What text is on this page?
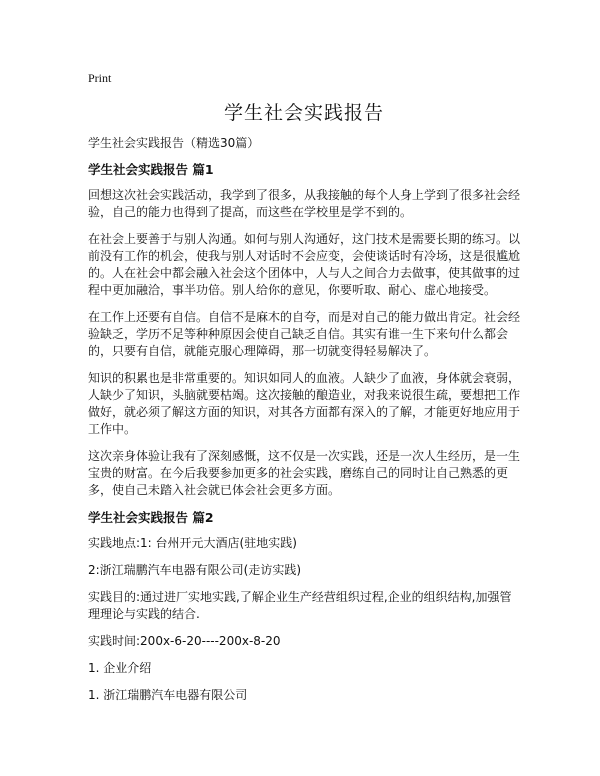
Print
学生社会实践报告
学生社会实践报告（精选30篇）
学生社会实践报告 篇1

回想这次社会实践活动，我学到了很多，从我接触的每个人身上学到了很多社会经验，自己的能力也得到了提高，而这些在学校里是学不到的。

在社会上要善于与别人沟通。如何与别人沟通好，这门技术是需要长期的练习。以前没有工作的机会，使我与别人对话时不会应变，会使谈话时有冷场，这是很尴尬的。人在社会中都会融入社会这个团体中，人与人之间合力去做事，使其做事的过程中更加融洽，事半功倍。别人给你的意见，你要听取、耐心、虚心地接受。

在工作上还要有自信。自信不是麻木的自夸，而是对自己的能力做出肯定。社会经验缺乏，学历不足等种种原因会使自己缺乏自信。其实有谁一生下来句什么都会的，只要有自信，就能克服心理障碍，那一切就变得轻易解决了。

知识的积累也是非常重要的。知识如同人的血液。人缺少了血液，身体就会衰弱，人缺少了知识，头脑就要枯竭。这次接触的酿造业，对我来说很生疏，要想把工作做好，就必须了解这方面的知识，对其各方面都有深入的了解，才能更好地应用于工作中。

这次亲身体验让我有了深刻感慨，这不仅是一次实践，还是一次人生经历，是一生宝贵的财富。在今后我要参加更多的社会实践，磨练自己的同时让自己熟悉的更多，使自己未踏入社会就已体会社会更多方面。

学生社会实践报告 篇2

实践地点:1: 台州开元大酒店(驻地实践)

2:浙江瑞鹏汽车电器有限公司(走访实践)

实践目的:通过进厂实地实践,了解企业生产经营组织过程,企业的组织结构,加强管理理论与实践的结合.

实践时间:200x-6-20----200x-8-20

1. 企业介绍

1. 浙江瑞鹏汽车电器有限公司
